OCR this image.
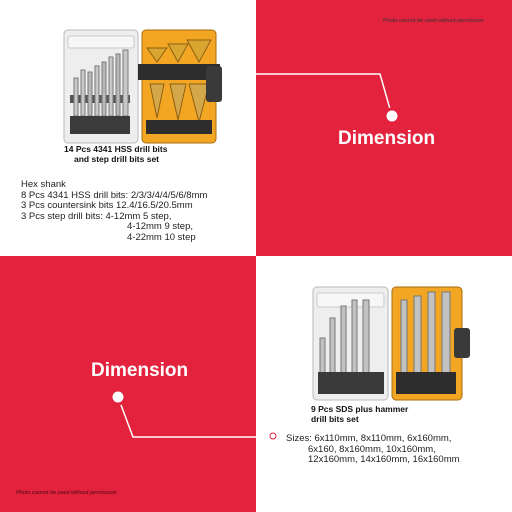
Photo cannot be used without permission
Photo cannot be used without permission
Dimension
Dimension
14 Pcs 4341 HSS drill bits
and step drill bits set
Hex shank
8 Pcs 4341 HSS drill bits: 2/3/3/4/4/5/6/8mm
3 Pcs countersink bits 12.4/16.5/20.5mm
3 Pcs step drill bits: 4-12mm 5 step,
4-12mm 9 step,
4-22mm 10 step
9 Pcs SDS plus hammer
drill bits set
Sizes: 6x110mm, 8x110mm, 6x160mm,
6x160, 8x160mm, 10x160mm,
12x160mm, 14x160mm, 16x160mm
